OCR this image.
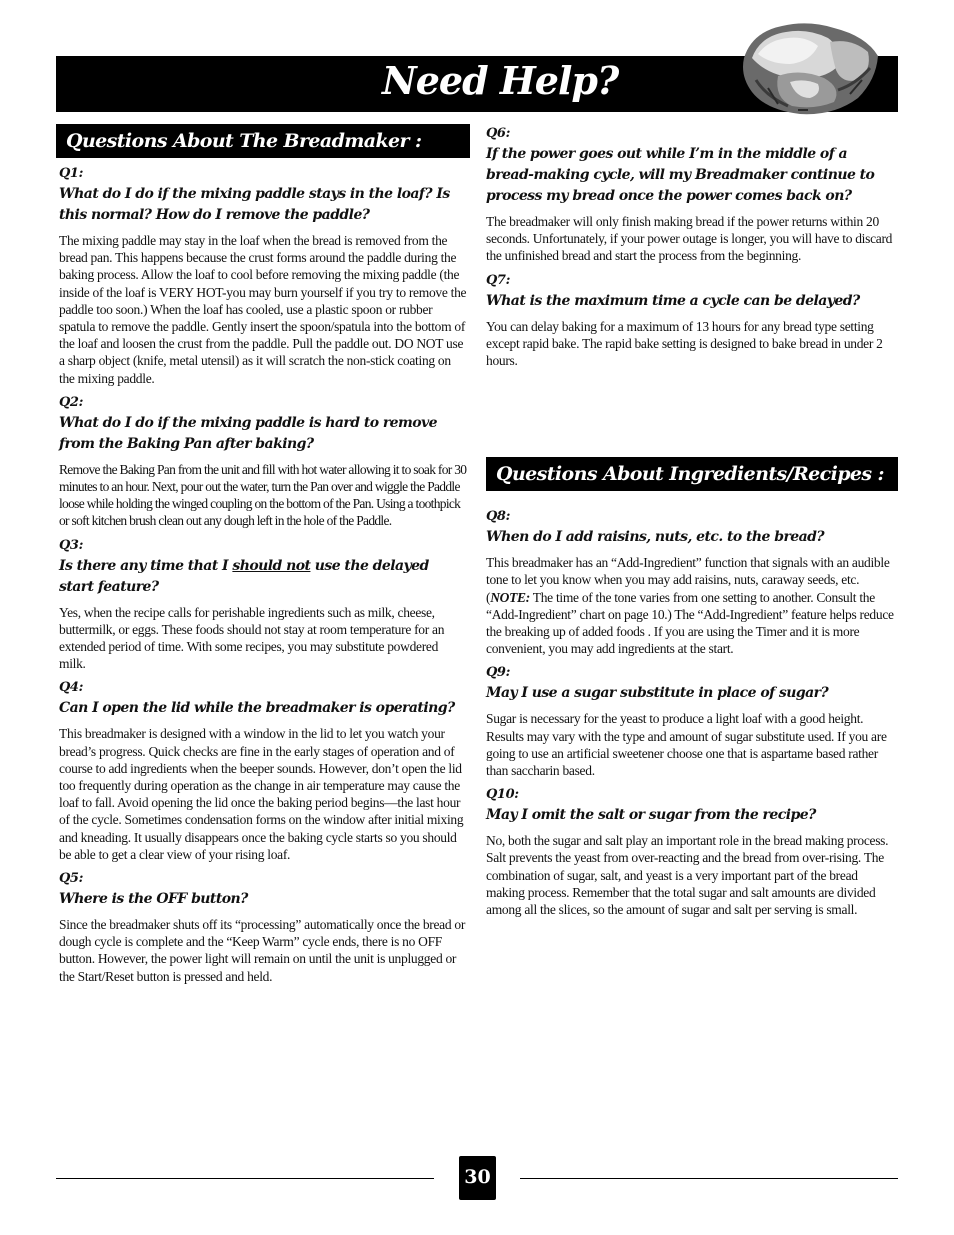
Need Help?
Questions About The Breadmaker :
Q1:
What do I do if the mixing paddle stays in the loaf? Is this normal? How do I remove the paddle?

The mixing paddle may stay in the loaf when the bread is removed from the bread pan. This happens because the crust forms around the paddle during the baking process. Allow the loaf to cool before removing the mixing paddle (the inside of the loaf is VERY HOT-you may burn yourself if you try to remove the paddle too soon.) When the loaf has cooled, use a plastic spoon or rubber spatula to remove the paddle. Gently insert the spoon/spatula into the bottom of the loaf and loosen the crust from the paddle. Pull the paddle out. DO NOT use a sharp object (knife, metal utensil) as it will scratch the non-stick coating on the mixing paddle.

Q2:
What do I do if the mixing paddle is hard to remove from the Baking Pan after baking?

Remove the Baking Pan from the unit and fill with hot water allowing it to soak for 30 minutes to an hour. Next, pour out the water, turn the Pan over and wiggle the Paddle loose while holding the winged coupling on the bottom of the Pan. Using a toothpick or soft kitchen brush clean out any dough left in the hole of the Paddle.

Q3:
Is there any time that I should not use the delayed start feature?

Yes, when the recipe calls for perishable ingredients such as milk, cheese, buttermilk, or eggs. These foods should not stay at room temperature for an extended period of time. With some recipes, you may substitute powdered milk.

Q4:
Can I open the lid while the breadmaker is operating?

This breadmaker is designed with a window in the lid to let you watch your bread’s progress. Quick checks are fine in the early stages of operation and of course to add ingredients when the beeper sounds. However, don’t open the lid too frequently during operation as the change in air temperature may cause the loaf to fall. Avoid opening the lid once the baking period begins—the last hour of the cycle. Sometimes condensation forms on the window after initial mixing and kneading. It usually disappears once the baking cycle starts so you should be able to get a clear view of your rising loaf.

Q5:
Where is the OFF button?

Since the breadmaker shuts off its “processing” automatically once the bread or dough cycle is complete and the “Keep Warm” cycle ends, there is no OFF button. However, the power light will remain on until the unit is unplugged or the Start/Reset button is pressed and held.

Q6:
If the power goes out while I’m in the middle of a bread-making cycle, will my Breadmaker continue to process my bread once the power comes back on?

The breadmaker will only finish making bread if the power returns within 20 seconds. Unfortunately, if your power outage is longer, you will have to discard the unfinished bread and start the process from the beginning.

Q7:
What is the maximum time a cycle can be delayed?

You can delay baking for a maximum of 13 hours for any bread type setting except rapid bake. The rapid bake setting is designed to bake bread in under 2 hours.

Questions About Ingredients/Recipes :
Q8:
When do I add raisins, nuts, etc. to the bread?

This breadmaker has an “Add-Ingredient” function that signals with an audible tone to let you know when you may add raisins, nuts, caraway seeds, etc. (NOTE: The time of the tone varies from one setting to another. Consult the “Add-Ingredient” chart on page 10.) The “Add-Ingredient” feature helps reduce the breaking up of added foods . If you are using the Timer and it is more convenient, you may add ingredients at the start.

Q9:
May I use a sugar substitute in place of sugar?

Sugar is necessary for the yeast to produce a light loaf with a good height. Results may vary with the type and amount of sugar substitute used. If you are going to use an artificial sweetener choose one that is aspartame based rather than saccharin based.

Q10:
May I omit the salt or sugar from the recipe?

No, both the sugar and salt play an important role in the bread making process. Salt prevents the yeast from over-reacting and the bread from over-rising. The combination of sugar, salt, and yeast is a very important part of the bread making process. Remember that the total sugar and salt amounts are divided among all the slices, so the amount of sugar and salt per serving is small.

30
